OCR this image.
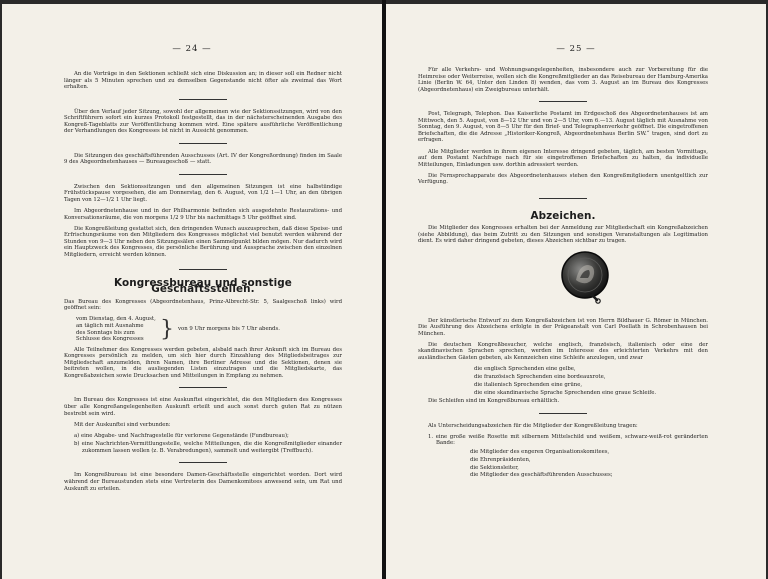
— 24 —

An die Vorträge in den Sektionen schließt sich eine Diskussion an; in dieser soll ein Redner nicht länger als 5 Minuten sprechen und zu demselben Gegenstande nicht öfter als zweimal das Wort erhalten.

Über den Verlauf jeder Sitzung, sowohl der allgemeinen wie der Sektionssitzungen, wird von den Schriftführern sofort ein kurzes Protokoll festgestellt, das in der nächsterscheinenden Ausgabe des Kongreß-Tageblatts zur Veröffentlichung kommen wird. Eine spätere ausführliche Veröffentlichung der Verhandlungen des Kongresses ist nicht in Aussicht genommen.

Die Sitzungen des geschäftsführenden Ausschusses (Art. IV der Kongreßordnung) finden im Saale 9 des Abgeordnetenhauses — Bureaugeschoß — statt.

Zwischen den Sektionssitzungen und den allgemeinen Sitzungen ist eine halbstündige Frühstückspause vorgesehen, die am Donnerstag, den 6. August, von 1/2 1—1 Uhr, an den übrigen Tagen von 12—1/2 1 Uhr liegt.

Im Abgeordnetenhause und in der Philharmonie befinden sich ausgedehnte Restaurations- und Konversationsräume, die von morgens 1/2 9 Uhr bis nachmittags 5 Uhr geöffnet sind.

Die Kongreßleitung gestattet sich, den dringenden Wunsch auszusprechen, daß diese Speise- und Erfrischungsräume von den Mitgliedern des Kongresses möglichst viel benutzt werden während der Stunden von 9—3 Uhr neben den Sitzungssälen einen Sammelpunkt bilden mögen. Nur dadurch wird ein Hauptzweck des Kongresses, die persönliche Berührung und Aussprache zwischen den einzelnen Mitgliedern, erreicht werden können.

Kongressbureau und sonstige Geschäftsstellen.

Das Bureau des Kongresses (Abgeordnetenhaus, Prinz-Albrecht-Str. 5, Saalgeschoß links) wird geöffnet sein:

vom Dienstag, den 4. August,
an täglich mit Ausnahme
des Sonntags bis zum
Schlusse des Kongresses } von 9 Uhr morgens bis 7 Uhr abends.

Alle Teilnehmer des Kongresses werden gebeten, alsbald nach ihrer Ankunft sich im Bureau des Kongresses persönlich zu melden, um sich hier durch Einzahlung des Mitgliedsbeitrages zur Mitgliedschaft anzumelden, ihren Namen, ihre Berliner Adresse und die Sektionen, denen sie beitreten wollen, in die ausliegenden Listen einzutragen und die Mitgliedskarte, das Kongreßabzeichen sowie Drucksachen und Mitteilungen in Empfang zu nehmen.

Im Bureau des Kongresses ist eine Auskunftei eingerichtet, die den Mitgliedern des Kongresses über alle Kongreßangelegenheiten Auskunft erteilt und auch sonst durch guten Rat zu nützen bestrebt sein wird.

Mit der Auskunftei sind verbunden:

a) eine Abgabe- und Nachfragestelle für verlorene Gegenstände (Fundbureau);
b) eine Nachrichten-Vermittlungsstelle, welche Mitteilungen, die die Kongreßmitglieder einander zukommen lassen wollen (z. B. Verabredungen), sammelt und weitergibt (Treffbuch).

Im Kongreßbureau ist eine besondere Damen-Geschäftsstelle eingerichtet worden. Dort wird während der Bureaustunden stets eine Vertreterin des Damenkomitees anwesend sein, um Rat und Auskunft zu erteilen.

— 25 —

Für alle Verkehrs- und Wohnungsangelegenheiten, insbesondere auch zur Vorbereitung für die Heimreise oder Weiterreise, wollen sich die Kongreßmitglieder an das Reisebureau der Hamburg-Amerika Linie (Berlin W. 64, Unter den Linden 8) wenden, das vom 3. August an im Bureau des Kongresses (Abgeordnetenhaus) ein Zweigbureau unterhält.

Post, Telegraph, Telephon. Das Kaiserliche Postamt im Erdgeschoß des Abgeordnetenhauses ist am Mittwoch, den 5. August, von 8—12 Uhr und von 2—5 Uhr, vom 6.—13. August täglich mit Ausnahme von Sonntag, den 9. August, von 8—5 Uhr für den Brief- und Telegraphenverkehr geöffnet. Die eingetroffenen Briefschaften, die die Adresse „Historiker-Kongreß, Abgeordnetenhaus Berlin SW.“ tragen, sind dort zu erfragen.

Alle Mitglieder werden in ihrem eigenen Interesse dringend gebeten, täglich, am besten Vormittags, auf dem Postamt Nachfrage nach für sie eingetroffenen Briefschaften zu halten, da individuelle Mitteilungen, Einladungen usw. dorthin adressiert werden.

Die Fernsprechapparate des Abgeordnetenhauses stehen den Kongreßmitgliedern unentgeltlich zur Verfügung.

Abzeichen.

Die Mitglieder des Kongresses erhalten bei der Anmeldung zur Mitgliedschaft ein Kongreßabzeichen (siehe Abbildung), das beim Zutritt zu den Sitzungen und sonstigen Veranstaltungen als Legitimation dient. Es wird daher dringend gebeten, dieses Abzeichen sichtbar zu tragen.

Der künstlerische Entwurf zu dem Kongreßabzeichen ist von Herrn Bildhauer G. Römer in München. Die Ausführung des Abzeichens erfolgte in der Prägeanstalt von Carl Poellath in Schrobenhausen bei München.

Die deutschen Kongreßbesucher, welche englisch, französisch, italienisch oder eine der skandinavischen Sprachen sprechen, werden im Interesse des erleichterten Verkehrs mit den ausländischen Gästen gebeten, als Kennzeichen eine Schleife anzulegen, und zwar

die englisch Sprechenden eine gelbe,
die französisch Sprechenden eine bordeauxrote,
die italienisch Sprechenden eine grüne,
die eine skandinavische Sprache Sprechenden eine graue Schleife.

Die Schleifen sind im Kongreßbureau erhältlich.

Als Unterscheidungsabzeichen für die Mitglieder der Kongreßleitung tragen:

1. eine große weiße Rosette mit silbernem Mittelschild und weißem, schwarz-weiß-rot geränderten Bande:
die Mitglieder des engeren Organisationskomitees,
die Ehrenpräsidenten,
die Sektionsleiter,
die Mitglieder des geschäftsführenden Ausschusses;
